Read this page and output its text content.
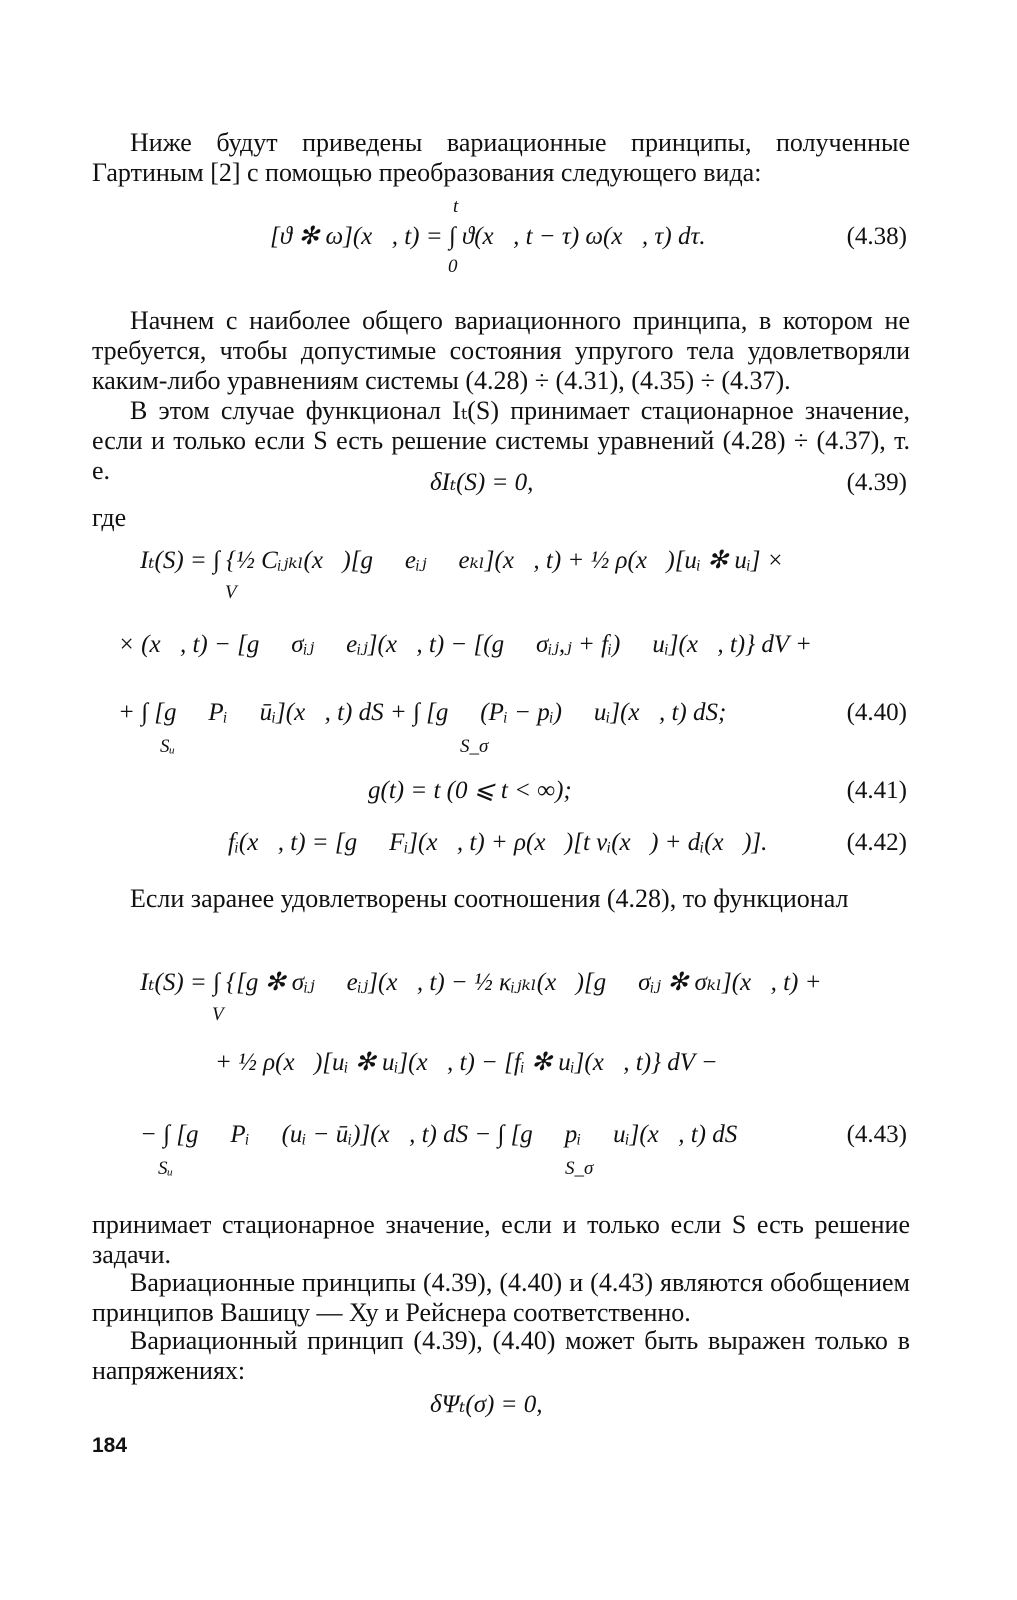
Ниже будут приведены вариационные принципы, полученные Гартиным [2] с помощью преобразования следующего вида:

[ϑ ✻ ω](x⃗, t) = ∫ ϑ(x⃗, t − τ) ω(x⃗, τ) dτ.
t
0
(4.38)

Начнем с наиболее общего вариационного принципа, в котором не требуется, чтобы допустимые состояния упругого тела удовлетворяли каким-либо уравнениям системы (4.28) ÷ (4.31), (4.35) ÷ (4.37).

В этом случае функционал Iₜ(S) принимает стационарное значение, если и только если S есть решение системы уравнений (4.28) ÷ (4.37), т. е.	δIₜ(S) = 0,	(4.39)

где

Iₜ(S) = ∫ {½ Cᵢⱼₖₗ(x⃗)[g ✻ eᵢⱼ ✻ eₖₗ](x⃗, t) + ½ ρ(x⃗)[uᵢ ✻ uᵢ] ×
V
× (x⃗, t) − [g ✻ σᵢⱼ ✻ eᵢⱼ](x⃗, t) − [(g ✻ σᵢⱼ,ⱼ + fᵢ) ✻ uᵢ](x⃗, t)} dV +
+ ∫ [g ✻ Pᵢ ✻ ūᵢ](x⃗, t) dS + ∫ [g ✻ (Pᵢ − pᵢ) ✻ uᵢ](x⃗, t) dS;
Sᵤ	S_σ
(4.40)
g(t) = t (0 ⩽ t < ∞);	(4.41)
fᵢ(x⃗, t) = [g ✻ Fᵢ](x⃗, t) + ρ(x⃗)[t vᵢ(x⃗) + dᵢ(x⃗)].	(4.42)

Если заранее удовлетворены соотношения (4.28), то функционал

Iₜ(S) = ∫ {[g ✻ σᵢⱼ ✻ eᵢⱼ](x⃗, t) − ½ κᵢⱼₖₗ(x⃗)[g ✻ σᵢⱼ ✻ σₖₗ](x⃗, t) +
V
+ ½ ρ(x⃗)[uᵢ ✻ uᵢ](x⃗, t) − [fᵢ ✻ uᵢ](x⃗, t)} dV −
− ∫ [g ✻ Pᵢ ✻ (uᵢ − ūᵢ)](x⃗, t) dS − ∫ [g ✻ pᵢ ✻ uᵢ](x⃗, t) dS
Sᵤ	S_σ
(4.43)

принимает стационарное значение, если и только если S есть решение задачи.

Вариационные принципы (4.39), (4.40) и (4.43) являются обобщением принципов Вашицу — Ху и Рейснера соответственно.

Вариационный принцип (4.39), (4.40) может быть выражен только в напряжениях:

δΨₜ(σ) = 0,
184
